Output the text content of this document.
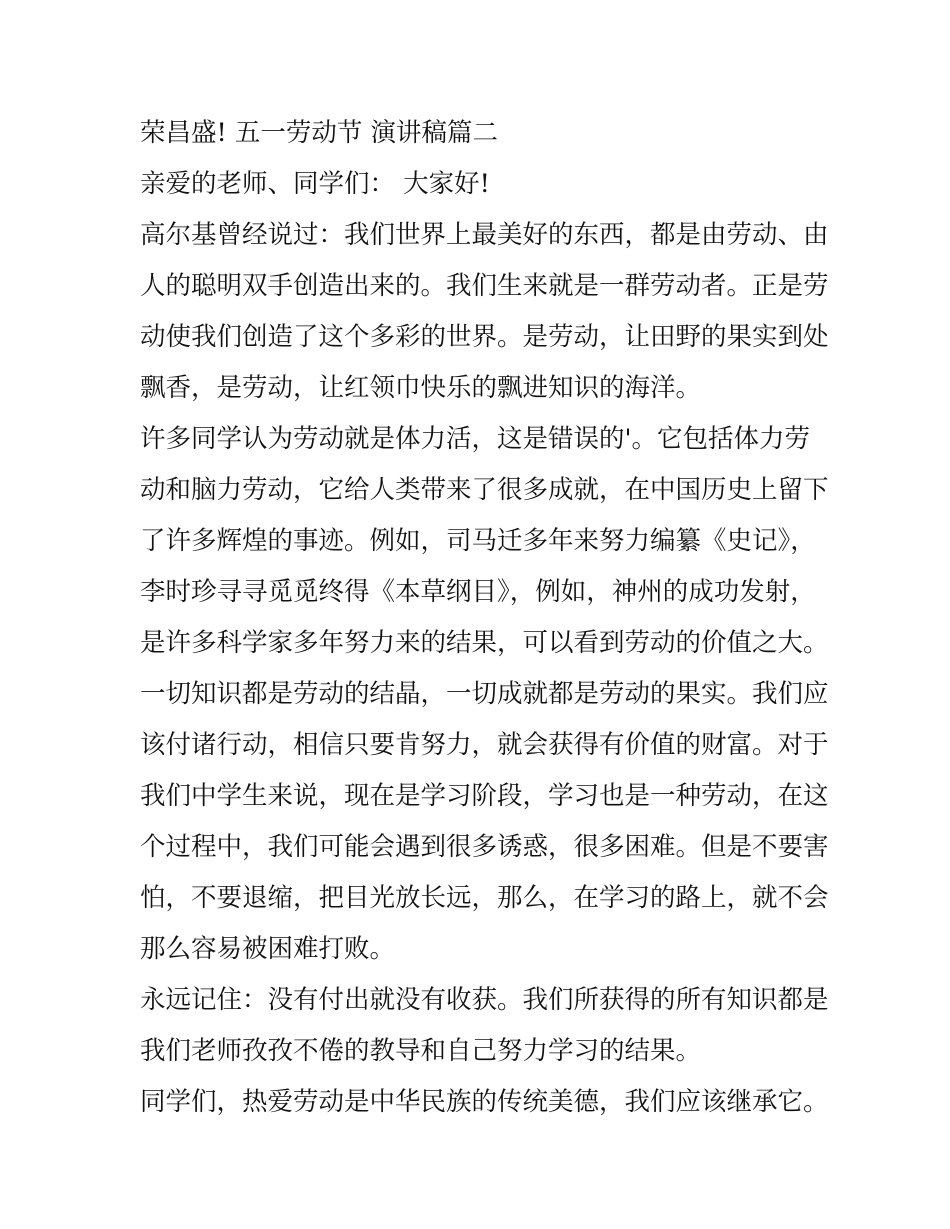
荣昌盛! 五一劳动节 演讲稿篇二

亲爱的老师、同学们： 大家好!

高尔基曾经说过：我们世界上最美好的东西，都是由劳动、由

人的聪明双手创造出来的。我们生来就是一群劳动者。正是劳

动使我们创造了这个多彩的世界。是劳动，让田野的果实到处

飘香，是劳动，让红领巾快乐的飘进知识的海洋。

许多同学认为劳动就是体力活，这是错误的'。它包括体力劳

动和脑力劳动，它给人类带来了很多成就，在中国历史上留下

了许多辉煌的事迹。例如，司马迁多年来努力编纂《史记》，

李时珍寻寻觅觅终得《本草纲目》，例如，神州的成功发射，

是许多科学家多年努力来的结果，可以看到劳动的价值之大。

一切知识都是劳动的结晶，一切成就都是劳动的果实。我们应

该付诸行动，相信只要肯努力，就会获得有价值的财富。对于

我们中学生来说，现在是学习阶段，学习也是一种劳动，在这

个过程中，我们可能会遇到很多诱惑，很多困难。但是不要害

怕，不要退缩，把目光放长远，那么，在学习的路上，就不会

那么容易被困难打败。

永远记住：没有付出就没有收获。我们所获得的所有知识都是

我们老师孜孜不倦的教导和自己努力学习的结果。

同学们，热爱劳动是中华民族的传统美德，我们应该继承它。
